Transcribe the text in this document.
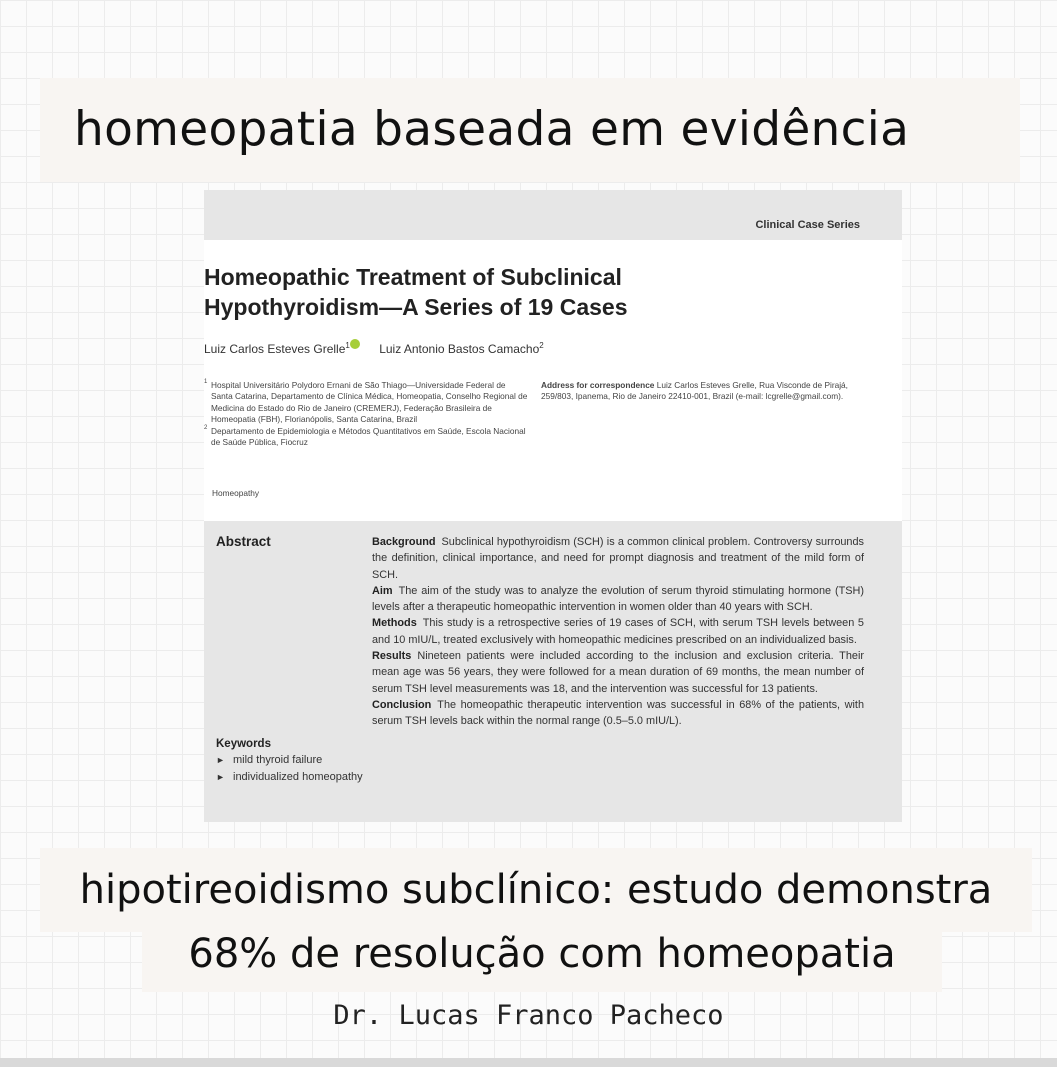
homeopatia baseada em evidência
Clinical Case Series
Homeopathic Treatment of Subclinical
Hypothyroidism—A Series of 19 Cases
Luiz Carlos Esteves Grelle$^1$ Luiz Antonio Bastos Camacho$^2$
1 Hospital Universitário Polydoro Ernani de São Thiago—Universidade Federal de Santa Catarina, Departamento de Clínica Médica, Homeopatia, Conselho Regional de Medicina do Estado do Rio de Janeiro (CREMERJ), Federação Brasileira de Homeopatia (FBH), Florianópolis, Santa Catarina, Brazil
2 Departamento de Epidemiologia e Métodos Quantitativos em Saúde, Escola Nacional de Saúde Pública, Fiocruz
Address for correspondence Luiz Carlos Esteves Grelle, Rua Visconde de Pirajá, 259/803, Ipanema, Rio de Janeiro 22410-001, Brazil (e-mail: lcgrelle@gmail.com).
Homeopathy
Abstract
Keywords
► mild thyroid failure
► individualized homeopathy
Background Subclinical hypothyroidism (SCH) is a common clinical problem. Controversy surrounds the definition, clinical importance, and need for prompt diagnosis and treatment of the mild form of SCH.
Aim The aim of the study was to analyze the evolution of serum thyroid stimulating hormone (TSH) levels after a therapeutic homeopathic intervention in women older than 40 years with SCH.
Methods This study is a retrospective series of 19 cases of SCH, with serum TSH levels between 5 and 10 mIU/L, treated exclusively with homeopathic medicines prescribed on an individualized basis.
Results Nineteen patients were included according to the inclusion and exclusion criteria. Their mean age was 56 years, they were followed for a mean duration of 69 months, the mean number of serum TSH level measurements was 18, and the intervention was successful for 13 patients.
Conclusion The homeopathic therapeutic intervention was successful in 68% of the patients, with serum TSH levels back within the normal range (0.5–5.0 mIU/L).
hipotireoidismo subclínico: estudo demonstra
68% de resolução com homeopatia
Dr. Lucas Franco Pacheco
